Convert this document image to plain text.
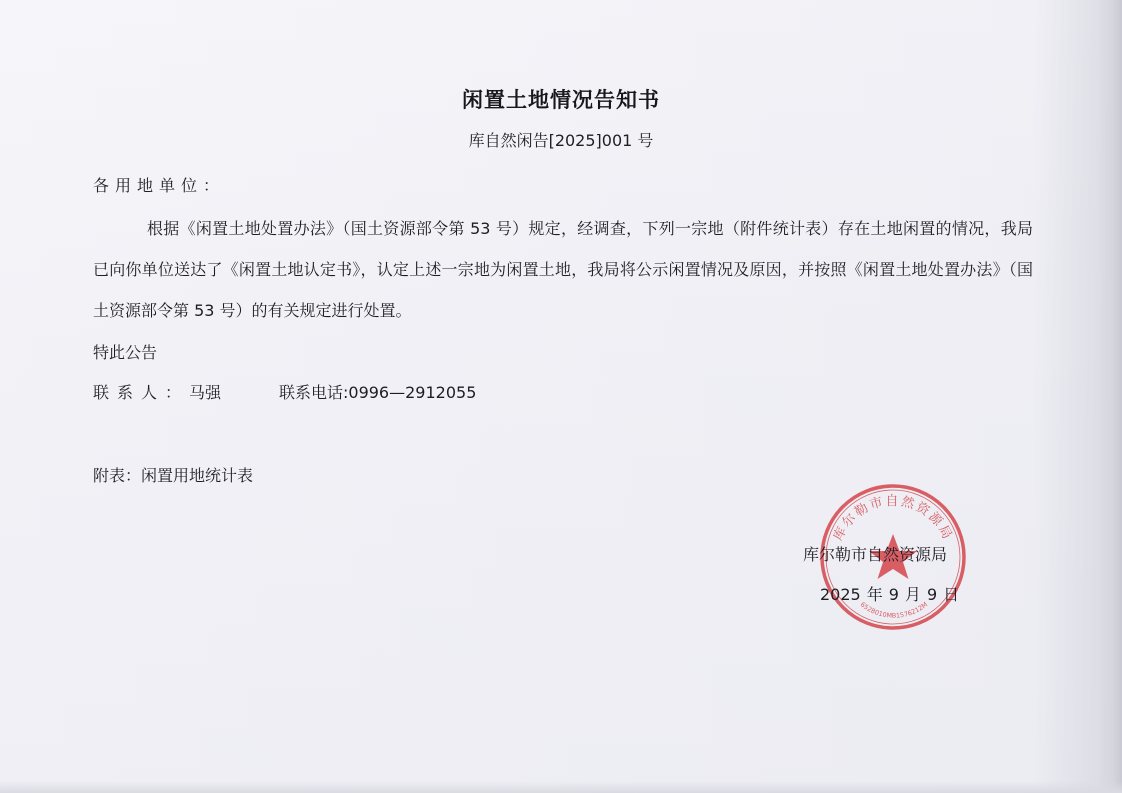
闲置土地情况告知书
库自然闲告[2025]001 号
各用地单位：

根据《闲置土地处置办法》（国土资源部令第 53 号）规定，经调查，下列一宗地（附件统计表）存在土地闲置的情况，我局已向你单位送达了《闲置土地认定书》，认定上述一宗地为闲置土地，我局将公示闲置情况及原因，并按照《闲置土地处置办法》（国土资源部令第 53 号）的有关规定进行处置。

特此公告
联系人：马强	联系电话:0996—2912055
附表：闲置用地统计表
库尔勒市自然资源局
6528010MB1576212M
库尔勒市自然资源局
2025 年 9 月 9 日
